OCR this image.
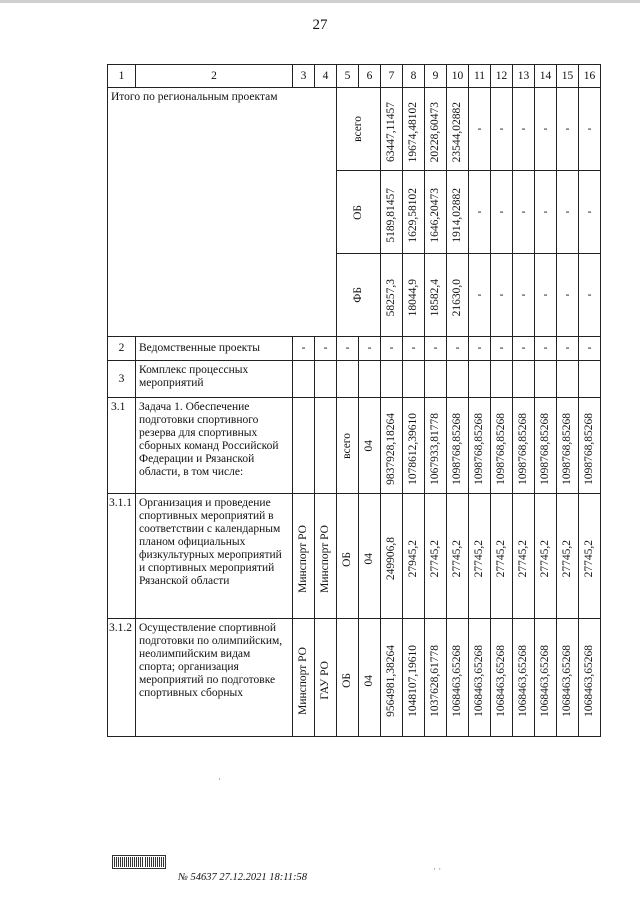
27
1	2	3	4	5	6	7	8	9	10	11	12	13	14	15	16

Итого по региональным проектам				всего		63447,11457	19674,48102	20228,60473	23544,02882	-	-	-	-	-	-

				ОБ		5189,81457	1629,58102	1646,20473	1914,02882	-	-	-	-	-	-

				ФБ		58257,3	18044,9	18582,4	21630,0	-	-	-	-	-	-
2	Ведомственные проекты	-	-	-	-	-	-	-	-	-	-	-	-	-	-
3	Комплекс процессных мероприятий														

3.1	Задача 1. Обеспечение подготовки спортивного резерва для спортивных сборных команд Российской Федерации и Рязанской области, в том числе:			всего	04	9837928,18264	1078612,39610	1067933,81778	1098768,85268	1098768,85268	1098768,85268	1098768,85268	1098768,85268	1098768,85268	1098768,85268

3.1.1	Организация и проведение спортивных мероприятий в соответствии с календарным планом официальных физкультурных мероприятий и спортивных мероприятий Рязанской области	Минспорт РО	Минспорт РО	ОБ	04	249906,8	27945,2	27745,2	27745,2	27745,2	27745,2	27745,2	27745,2	27745,2	27745,2

3.1.2	Осуществление спортивной подготовки по олимпийским, неолимпийским видам спорта; организация мероприятий по подготовке спортивных сборных	Минспорт РО	ГАУ РО	ОБ	04	9564981,38264	1048107,19610	1037628,61778	1068463,65268	1068463,65268	1068463,65268	1068463,65268	1068463,65268	1068463,65268	1068463,65268
·
· ·
№ 54637 27.12.2021 18:11:58
